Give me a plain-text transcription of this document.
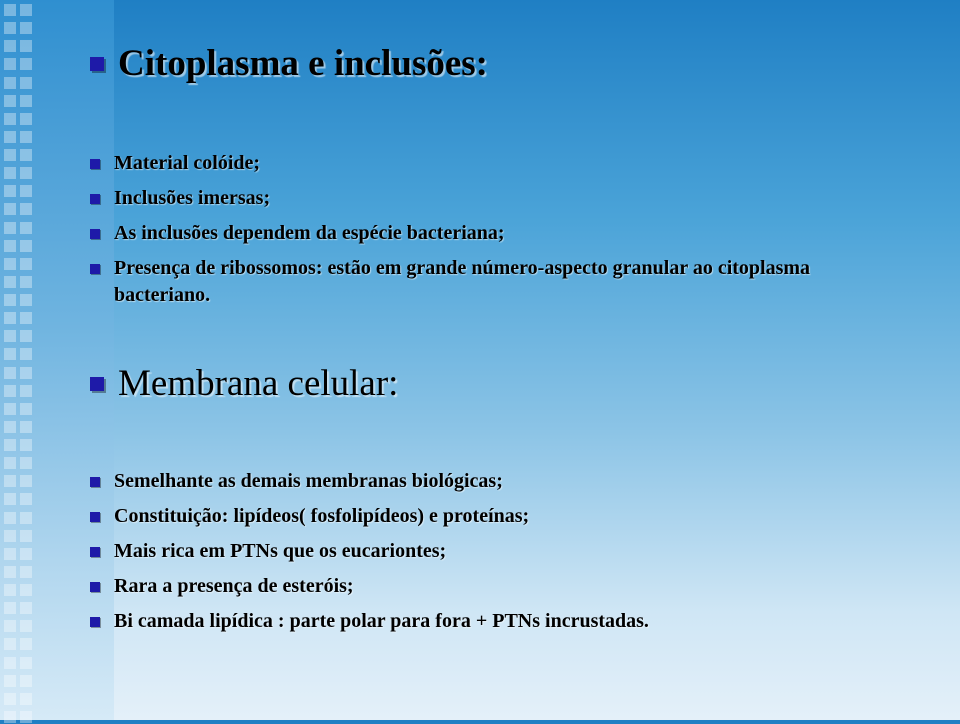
Citoplasma e inclusões:
Material colóide;
Inclusões imersas;
As inclusões dependem da espécie bacteriana;
Presença de ribossomos: estão em grande número-aspecto granular ao citoplasma bacteriano.
Membrana celular:
Semelhante as demais membranas biológicas;
Constituição: lipídeos( fosfolipídeos) e proteínas;
Mais rica em PTNs que os eucariontes;
Rara a presença de esteróis;
Bi camada lipídica : parte polar para fora + PTNs incrustadas.
